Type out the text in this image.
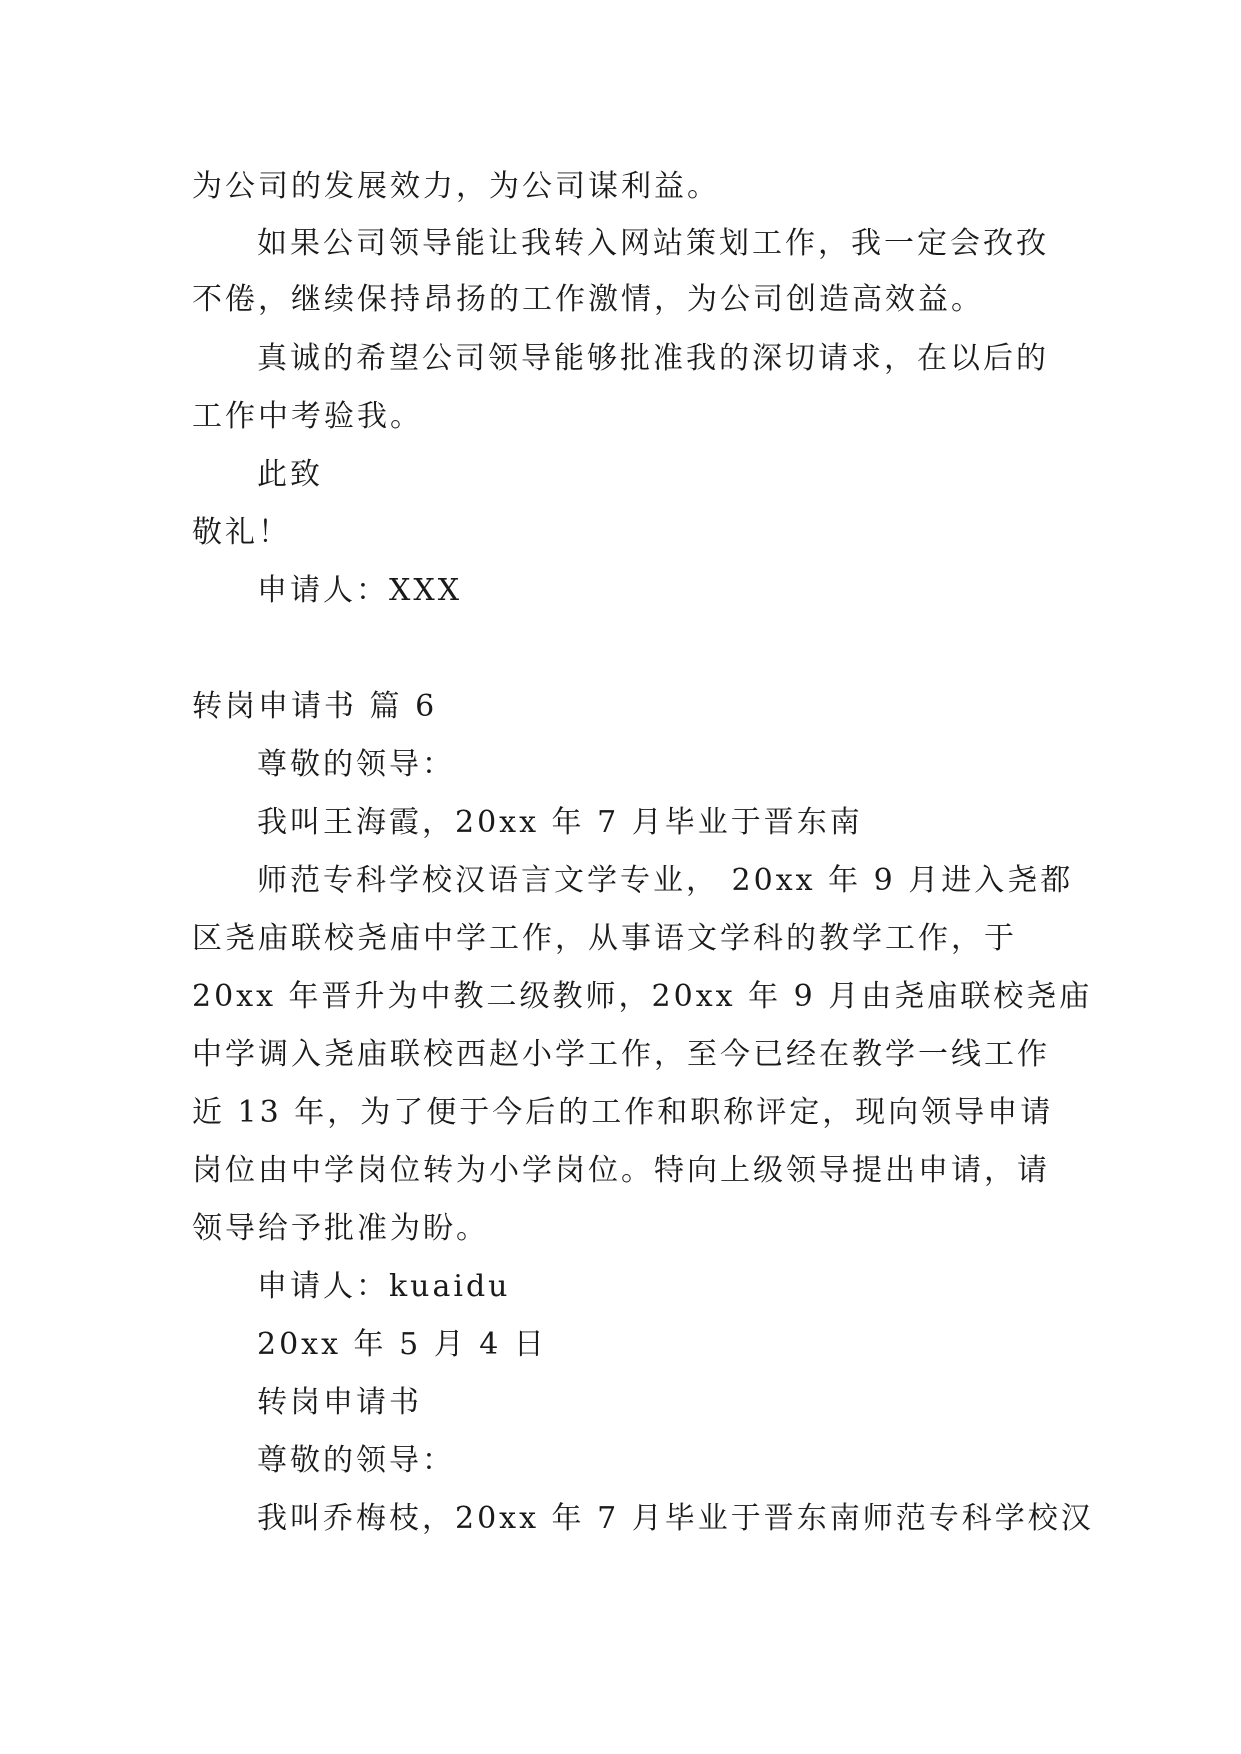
为公司的发展效力，为公司谋利益。
如果公司领导能让我转入网站策划工作，我一定会孜孜
不倦，继续保持昂扬的工作激情，为公司创造高效益。
真诚的希望公司领导能够批准我的深切请求，在以后的
工作中考验我。
此致
敬礼！
申请人：XXX
转岗申请书 篇 6
尊敬的领导：
我叫王海霞，20xx 年 7 月毕业于晋东南
师范专科学校汉语言文学专业， 20xx 年 9 月进入尧都
区尧庙联校尧庙中学工作，从事语文学科的教学工作，于
20xx 年晋升为中教二级教师，20xx 年 9 月由尧庙联校尧庙
中学调入尧庙联校西赵小学工作，至今已经在教学一线工作
近 13 年，为了便于今后的工作和职称评定，现向领导申请
岗位由中学岗位转为小学岗位。特向上级领导提出申请，请
领导给予批准为盼。
申请人：kuaidu
20xx 年 5 月 4 日
转岗申请书
尊敬的领导：
我叫乔梅枝，20xx 年 7 月毕业于晋东南师范专科学校汉
